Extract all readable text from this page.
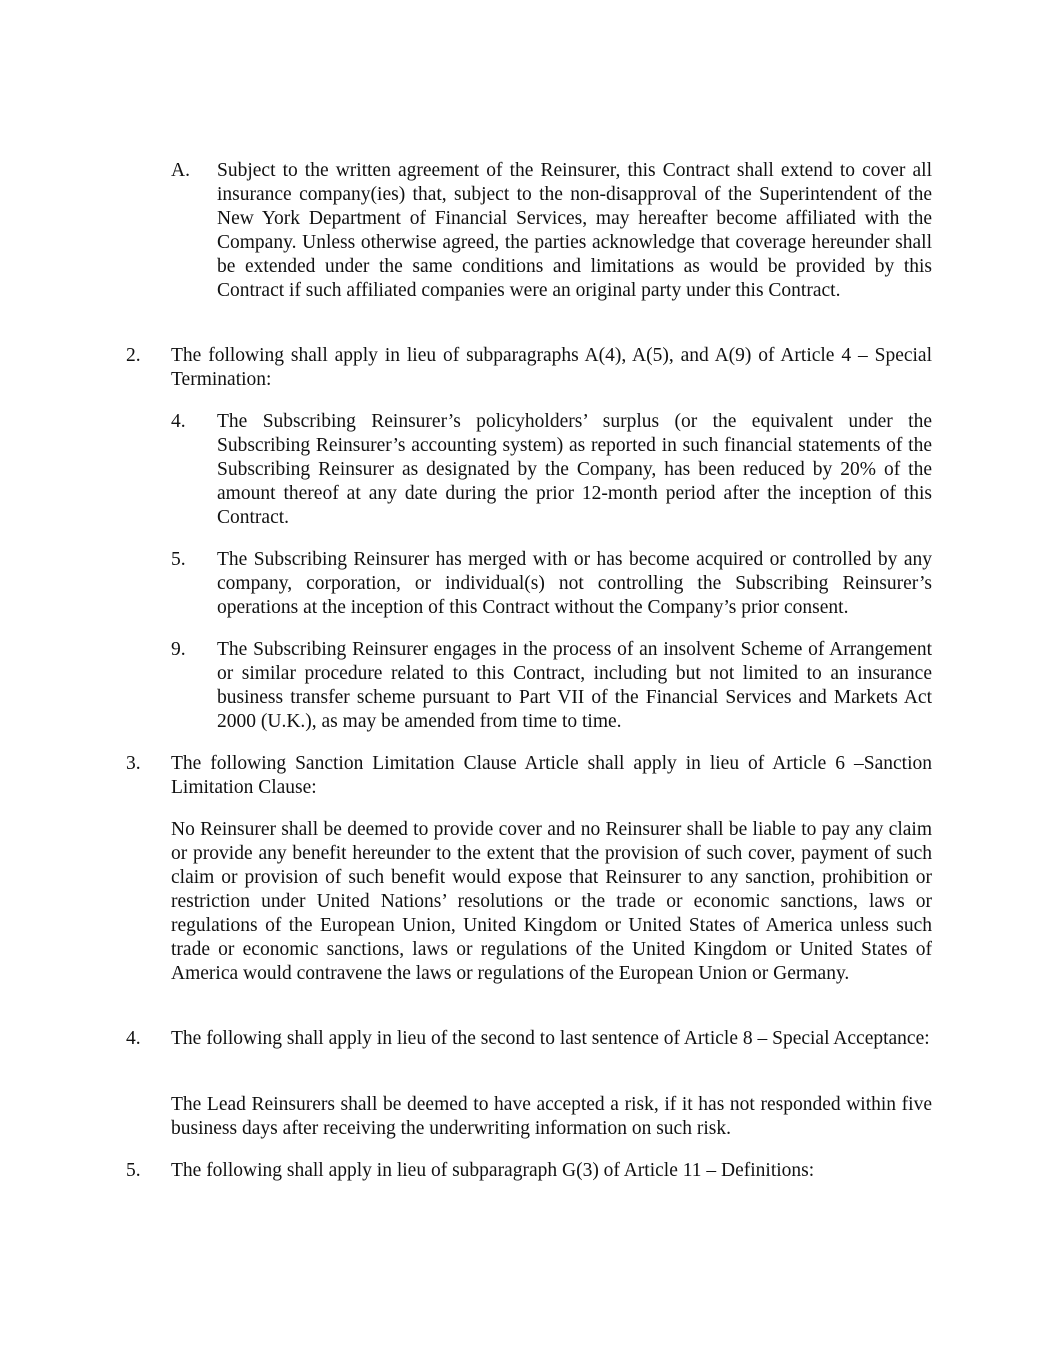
A. Subject to the written agreement of the Reinsurer, this Contract shall extend to cover all insurance company(ies) that, subject to the non-disapproval of the Superintendent of the New York Department of Financial Services, may hereafter become affiliated with the Company. Unless otherwise agreed, the parties acknowledge that coverage hereunder shall be extended under the same conditions and limitations as would be provided by this Contract if such affiliated companies were an original party under this Contract.
2. The following shall apply in lieu of subparagraphs A(4), A(5), and A(9) of Article 4 – Special Termination:
4. The Subscribing Reinsurer’s policyholders’ surplus (or the equivalent under the Subscribing Reinsurer’s accounting system) as reported in such financial statements of the Subscribing Reinsurer as designated by the Company, has been reduced by 20% of the amount thereof at any date during the prior 12-month period after the inception of this Contract.
5. The Subscribing Reinsurer has merged with or has become acquired or controlled by any company, corporation, or individual(s) not controlling the Subscribing Reinsurer’s operations at the inception of this Contract without the Company’s prior consent.
9. The Subscribing Reinsurer engages in the process of an insolvent Scheme of Arrangement or similar procedure related to this Contract, including but not limited to an insurance business transfer scheme pursuant to Part VII of the Financial Services and Markets Act 2000 (U.K.), as may be amended from time to time.
3. The following Sanction Limitation Clause Article shall apply in lieu of Article 6 –Sanction Limitation Clause:
No Reinsurer shall be deemed to provide cover and no Reinsurer shall be liable to pay any claim or provide any benefit hereunder to the extent that the provision of such cover, payment of such claim or provision of such benefit would expose that Reinsurer to any sanction, prohibition or restriction under United Nations’ resolutions or the trade or economic sanctions, laws or regulations of the European Union, United Kingdom or United States of America unless such trade or economic sanctions, laws or regulations of the United Kingdom or United States of America would contravene the laws or regulations of the European Union or Germany.
4. The following shall apply in lieu of the second to last sentence of Article 8 – Special Acceptance:
The Lead Reinsurers shall be deemed to have accepted a risk, if it has not responded within five business days after receiving the underwriting information on such risk.
5. The following shall apply in lieu of subparagraph G(3) of Article 11 – Definitions:
